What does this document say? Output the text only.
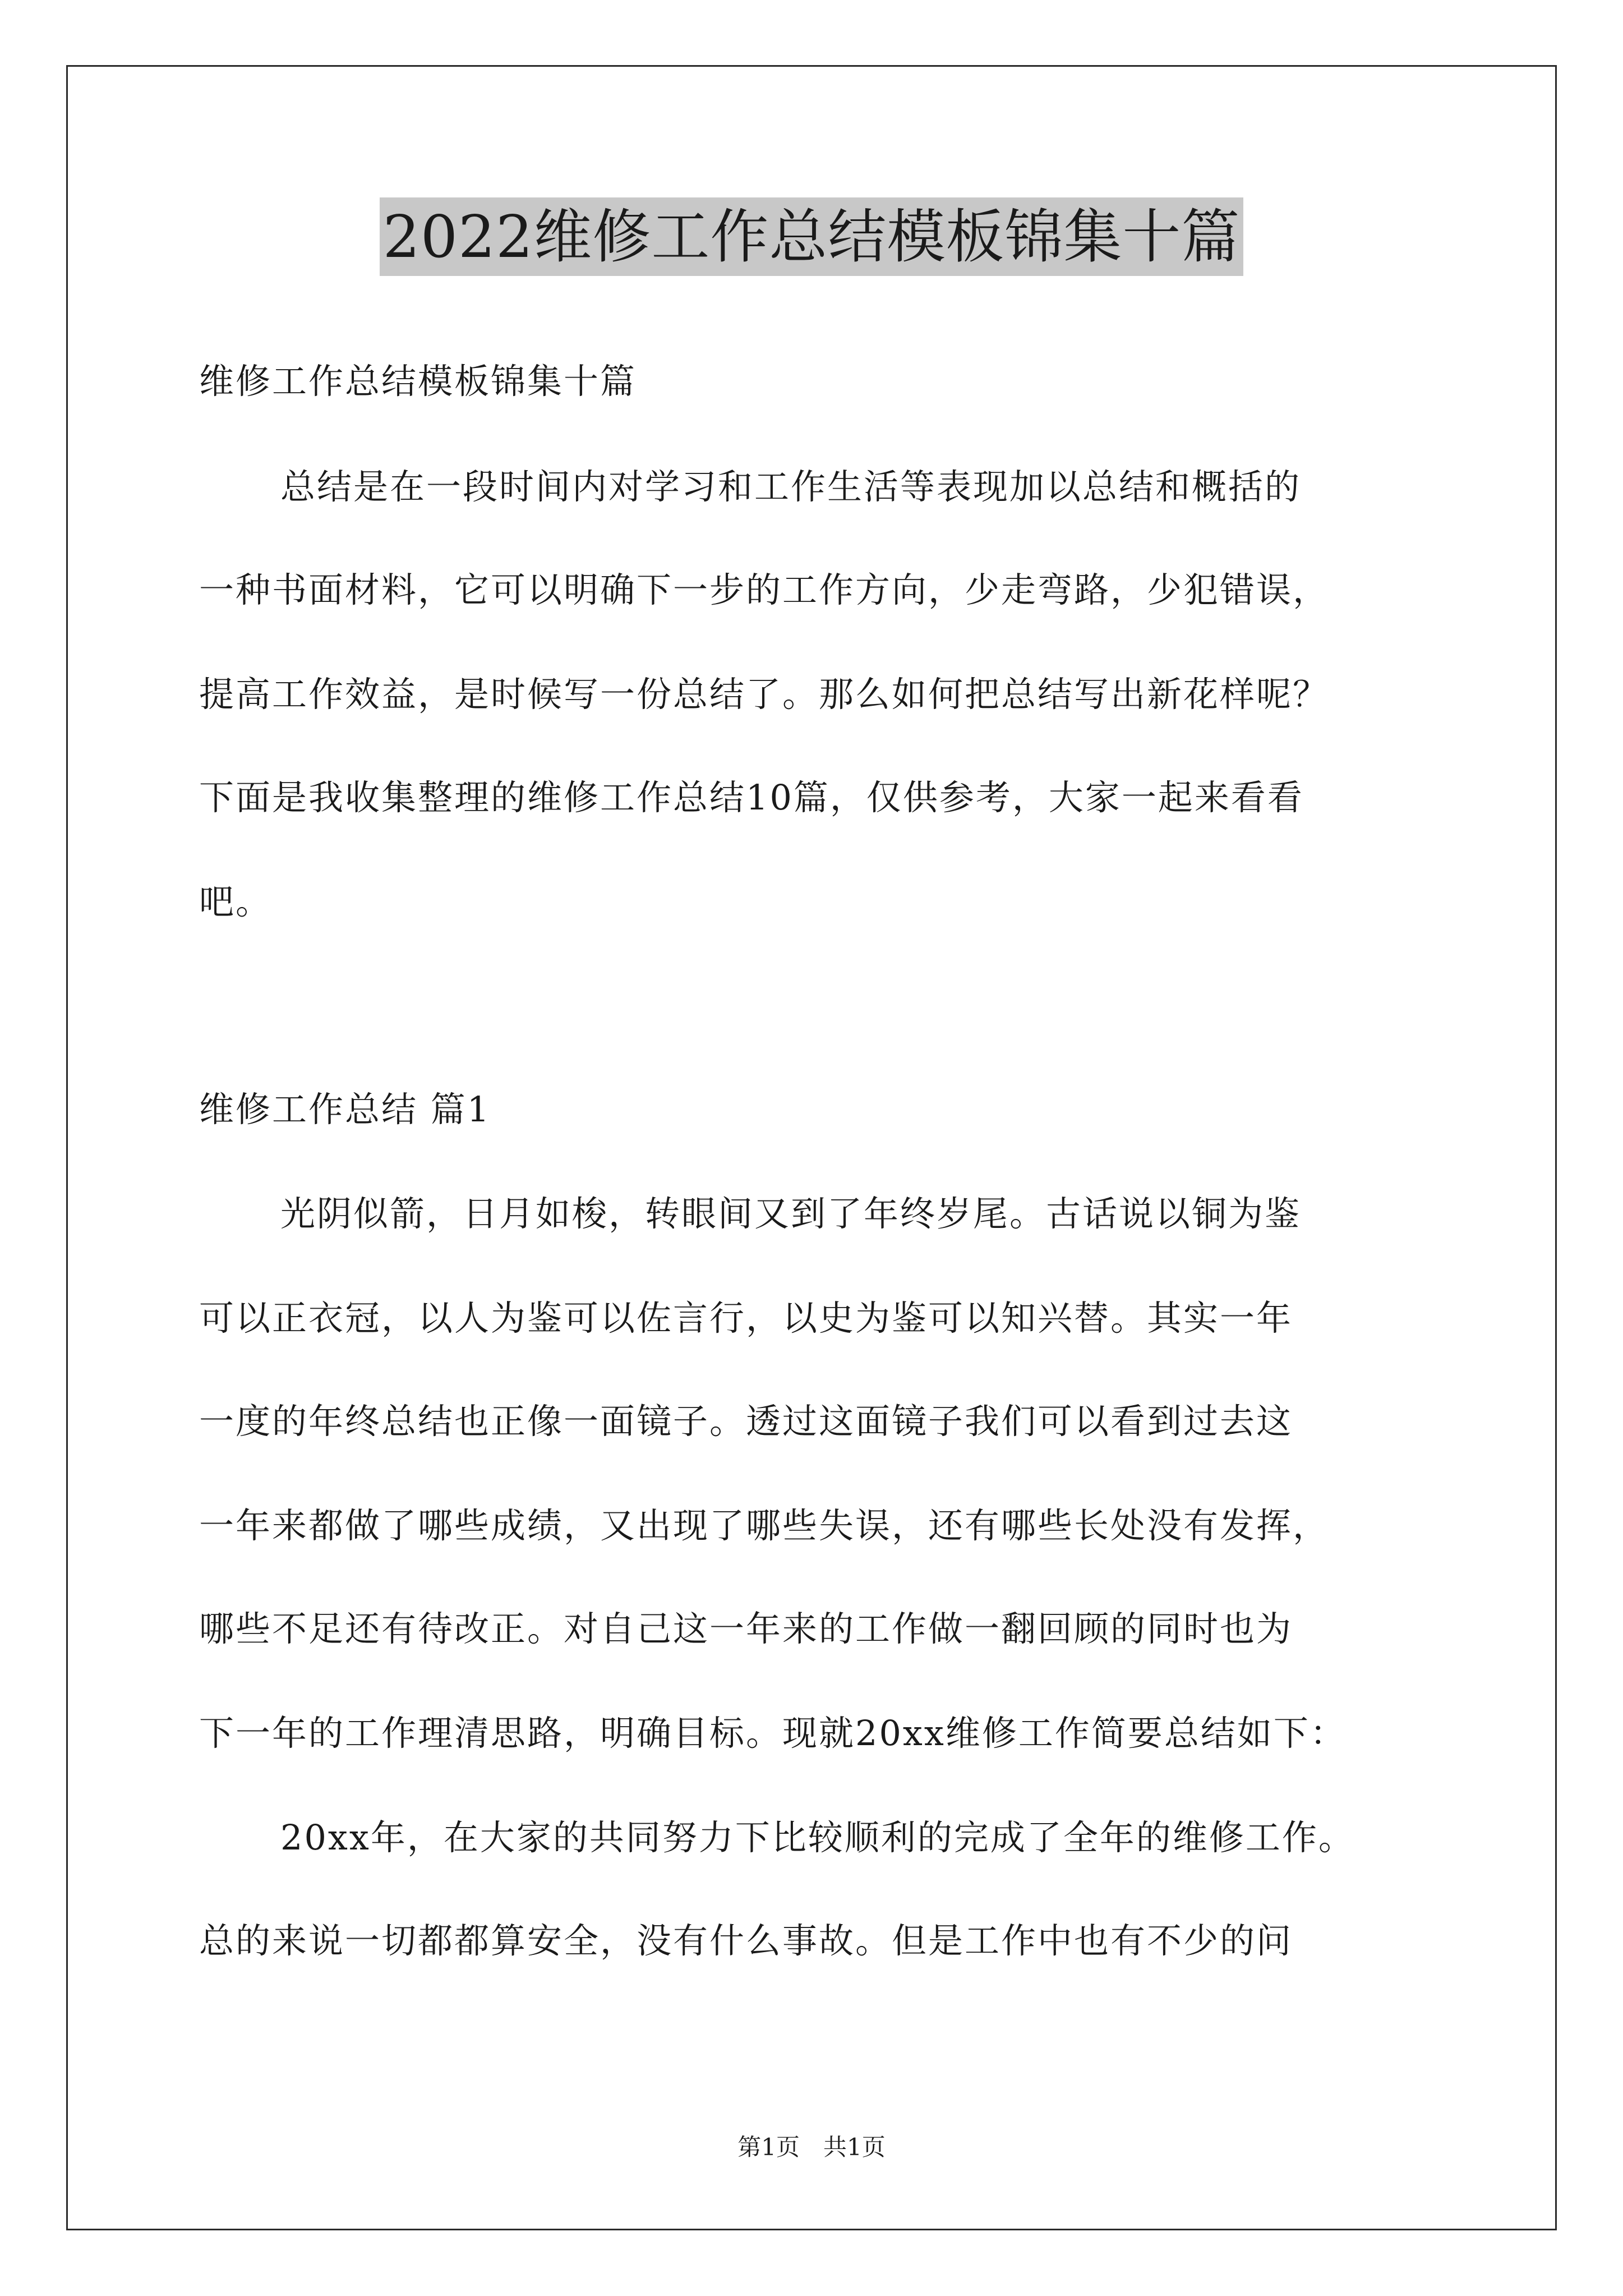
2022维修工作总结模板锦集十篇

维修工作总结模板锦集十篇

总结是在一段时间内对学习和工作生活等表现加以总结和概括的

一种书面材料，它可以明确下一步的工作方向，少走弯路，少犯错误，

提高工作效益，是时候写一份总结了。那么如何把总结写出新花样呢？

下面是我收集整理的维修工作总结10篇，仅供参考，大家一起来看看

吧。

维修工作总结 篇1

光阴似箭，日月如梭，转眼间又到了年终岁尾。古话说以铜为鉴

可以正衣冠，以人为鉴可以佐言行，以史为鉴可以知兴替。其实一年

一度的年终总结也正像一面镜子。透过这面镜子我们可以看到过去这

一年来都做了哪些成绩，又出现了哪些失误，还有哪些长处没有发挥，

哪些不足还有待改正。对自己这一年来的工作做一翻回顾的同时也为

下一年的工作理清思路，明确目标。现就20xx维修工作简要总结如下：

20xx年，在大家的共同努力下比较顺利的完成了全年的维修工作。

总的来说一切都都算安全，没有什么事故。但是工作中也有不少的问

第1页　共1页
